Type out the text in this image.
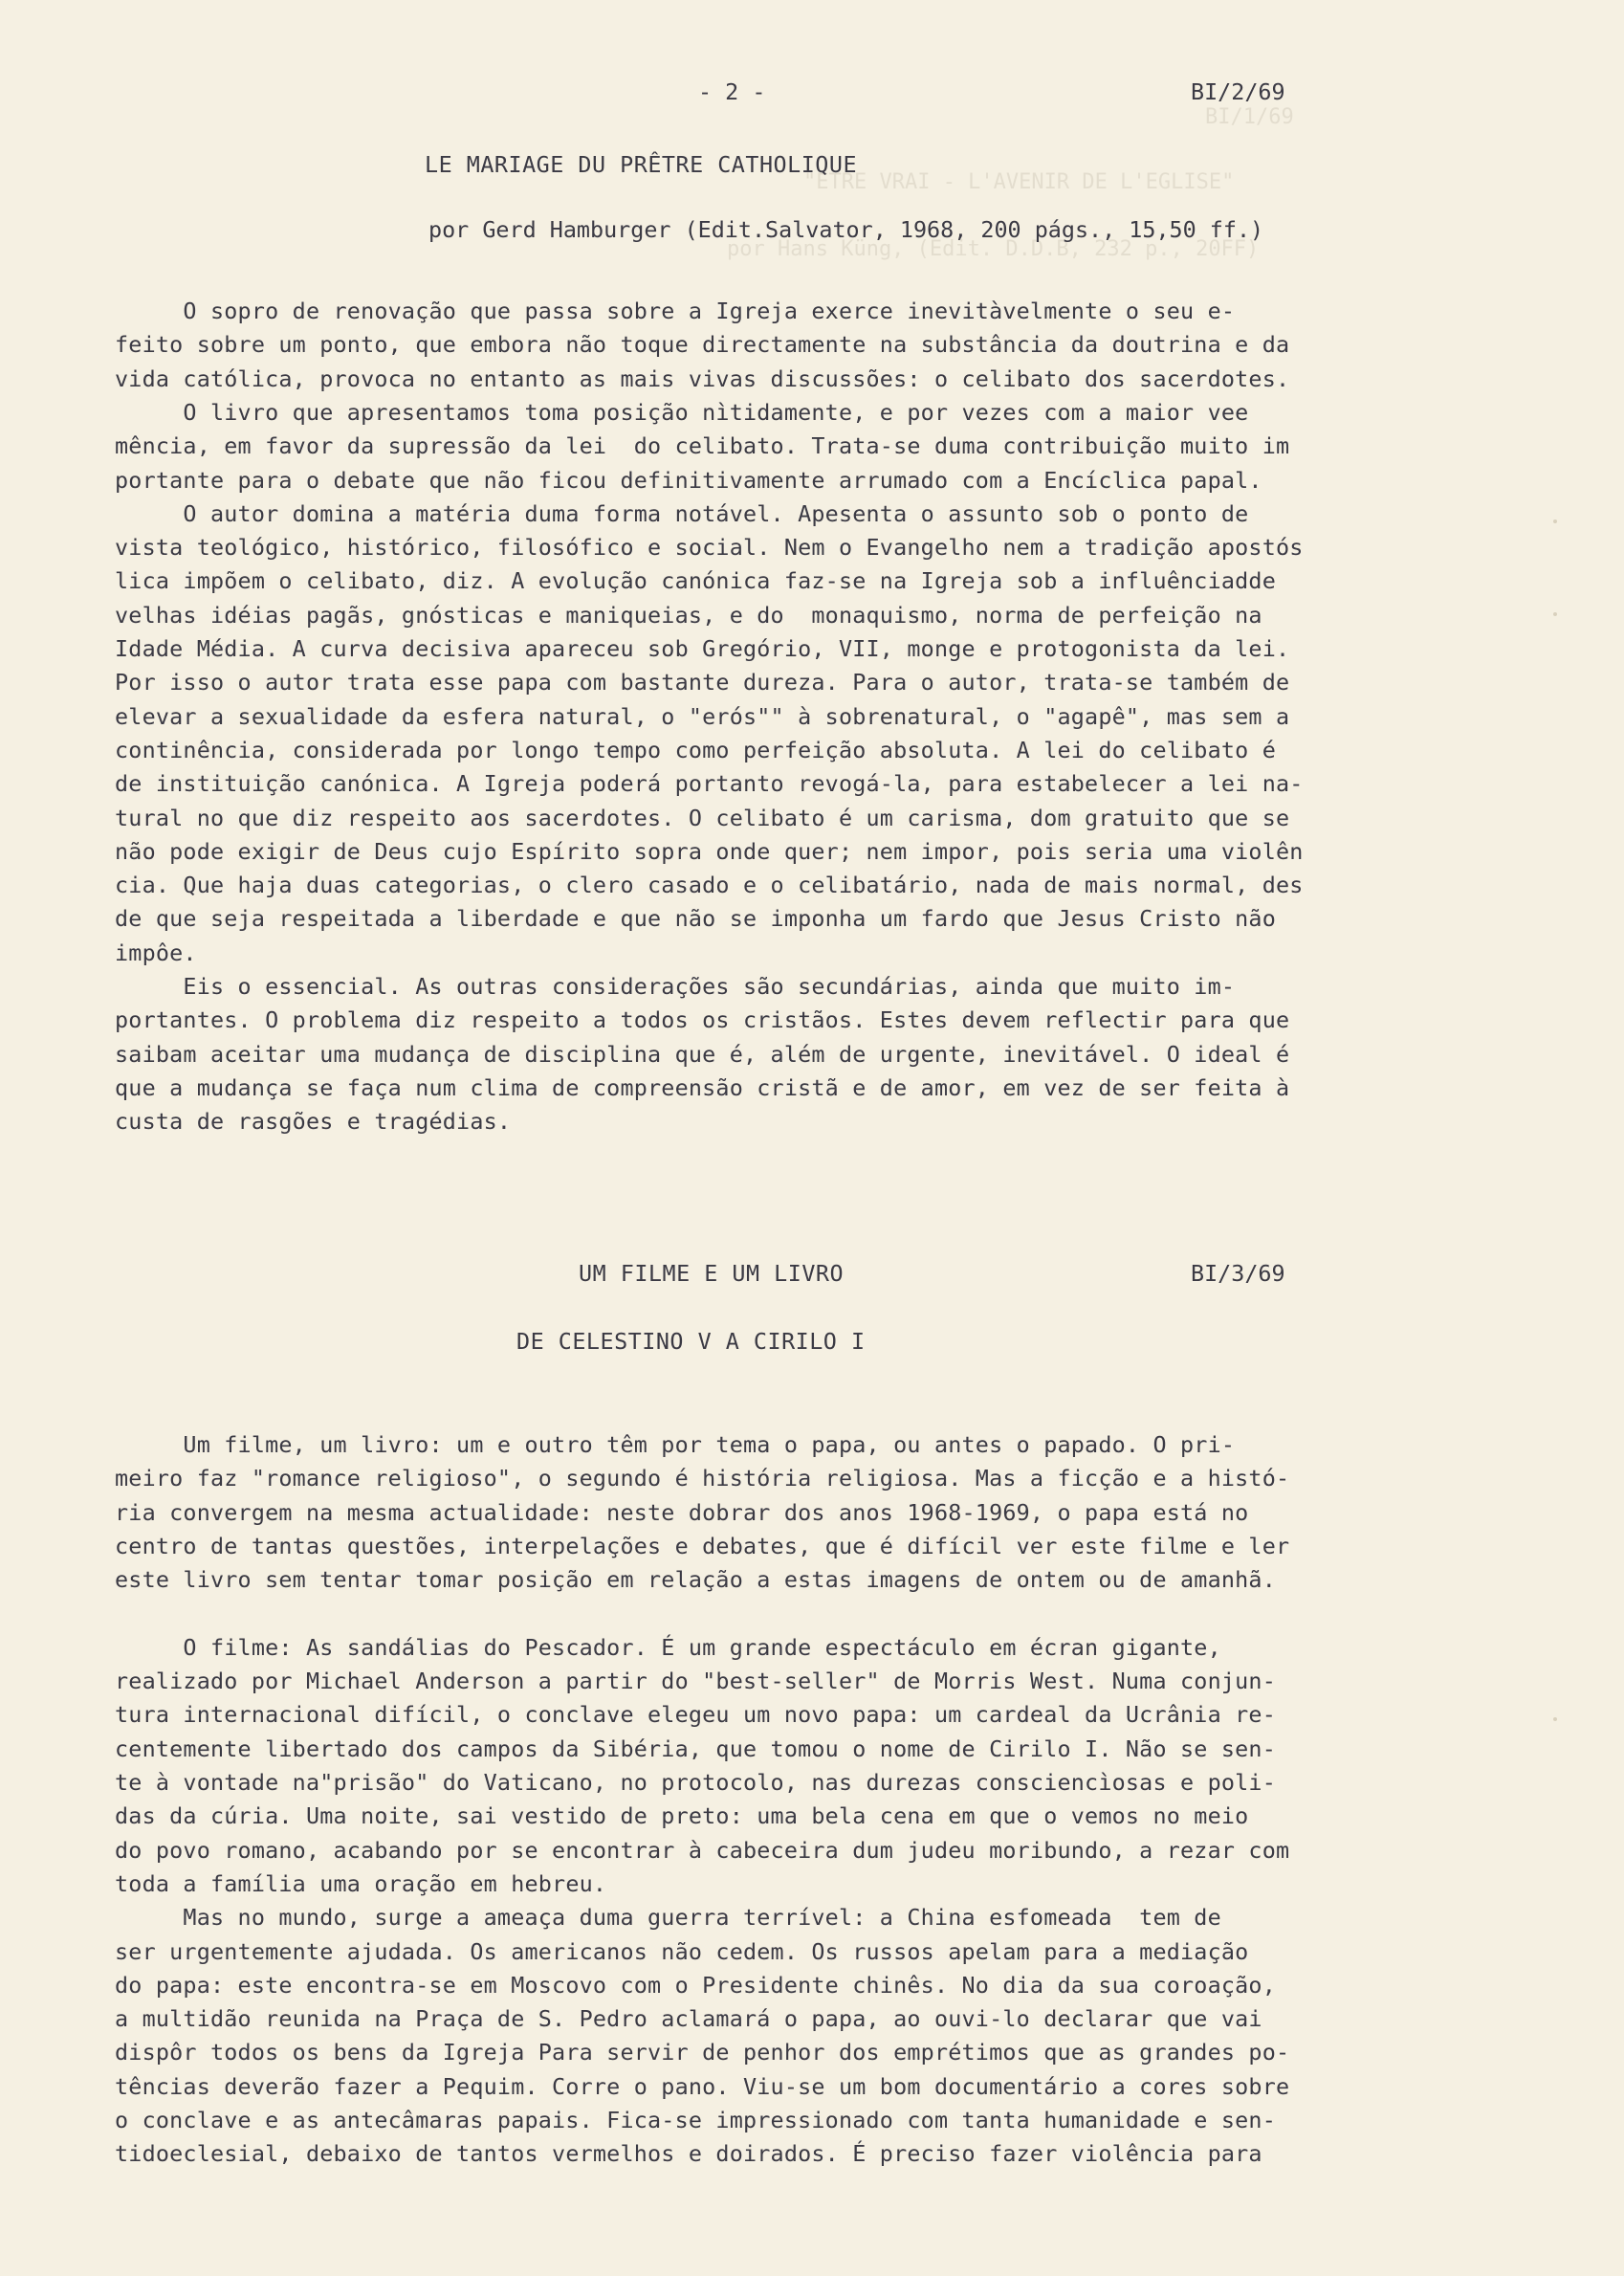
BI/1/69
"ETRE VRAI - L'AVENIR DE L'EGLISE"
por Hans Küng, (Edit. D.D.B, 232 p., 20FF)
- 2 -	BI/2/69
LE MARIAGE DU PRÊTRE CATHOLIQUE
por Gerd Hamburger (Edit.Salvator, 1968, 200 págs., 15,50 ff.)
O sopro de renovação que passa sobre a Igreja exerce inevitàvelmente o seu e-
feito sobre um ponto, que embora não toque directamente na substância da doutrina e da
vida católica, provoca no entanto as mais vivas discussões: o celibato dos sacerdotes.
O livro que apresentamos toma posição nìtidamente, e por vezes com a maior vee
mência, em favor da supressão da lei  do celibato. Trata-se duma contribuição muito im
portante para o debate que não ficou definitivamente arrumado com a Encíclica papal.
O autor domina a matéria duma forma notável. Apesenta o assunto sob o ponto de
vista teológico, histórico, filosófico e social. Nem o Evangelho nem a tradição apostós
lica impõem o celibato, diz. A evolução canónica faz-se na Igreja sob a influênciadde
velhas idéias pagãs, gnósticas e maniqueias, e do  monaquismo, norma de perfeição na
Idade Média. A curva decisiva apareceu sob Gregório, VII, monge e protogonista da lei.
Por isso o autor trata esse papa com bastante dureza. Para o autor, trata-se também de
elevar a sexualidade da esfera natural, o "erós"" à sobrenatural, o "agapê", mas sem a
continência, considerada por longo tempo como perfeição absoluta. A lei do celibato é
de instituição canónica. A Igreja poderá portanto revogá-la, para estabelecer a lei na-
tural no que diz respeito aos sacerdotes. O celibato é um carisma, dom gratuito que se
não pode exigir de Deus cujo Espírito sopra onde quer; nem impor, pois seria uma violên
cia. Que haja duas categorias, o clero casado e o celibatário, nada de mais normal, des
de que seja respeitada a liberdade e que não se imponha um fardo que Jesus Cristo não
impôe.
Eis o essencial. As outras considerações são secundárias, ainda que muito im-
portantes. O problema diz respeito a todos os cristãos. Estes devem reflectir para que
saibam aceitar uma mudança de disciplina que é, além de urgente, inevitável. O ideal é
que a mudança se faça num clima de compreensão cristã e de amor, em vez de ser feita à
custa de rasgões e tragédias.
UM FILME E UM LIVRO	BI/3/69
DE CELESTINO V A CIRILO I
Um filme, um livro: um e outro têm por tema o papa, ou antes o papado. O pri-
meiro faz "romance religioso", o segundo é história religiosa. Mas a ficção e a histó-
ria convergem na mesma actualidade: neste dobrar dos anos 1968-1969, o papa está no
centro de tantas questões, interpelações e debates, que é difícil ver este filme e ler
este livro sem tentar tomar posição em relação a estas imagens de ontem ou de amanhã.
O filme: As sandálias do Pescador. É um grande espectáculo em écran gigante,
realizado por Michael Anderson a partir do "best-seller" de Morris West. Numa conjun-
tura internacional difícil, o conclave elegeu um novo papa: um cardeal da Ucrânia re-
centemente libertado dos campos da Sibéria, que tomou o nome de Cirilo I. Não se sen-
te à vontade na"prisão" do Vaticano, no protocolo, nas durezas consciencìosas e poli-
das da cúria. Uma noite, sai vestido de preto: uma bela cena em que o vemos no meio
do povo romano, acabando por se encontrar à cabeceira dum judeu moribundo, a rezar com
toda a família uma oração em hebreu.
Mas no mundo, surge a ameaça duma guerra terrível: a China esfomeada  tem de
ser urgentemente ajudada. Os americanos não cedem. Os russos apelam para a mediação
do papa: este encontra-se em Moscovo com o Presidente chinês. No dia da sua coroação,
a multidão reunida na Praça de S. Pedro aclamará o papa, ao ouvi-lo declarar que vai
dispôr todos os bens da Igreja Para servir de penhor dos emprétimos que as grandes po-
tências deverão fazer a Pequim. Corre o pano. Viu-se um bom documentário a cores sobre
o conclave e as antecâmaras papais. Fica-se impressionado com tanta humanidade e sen-
tidoeclesial, debaixo de tantos vermelhos e doirados. É preciso fazer violência para
